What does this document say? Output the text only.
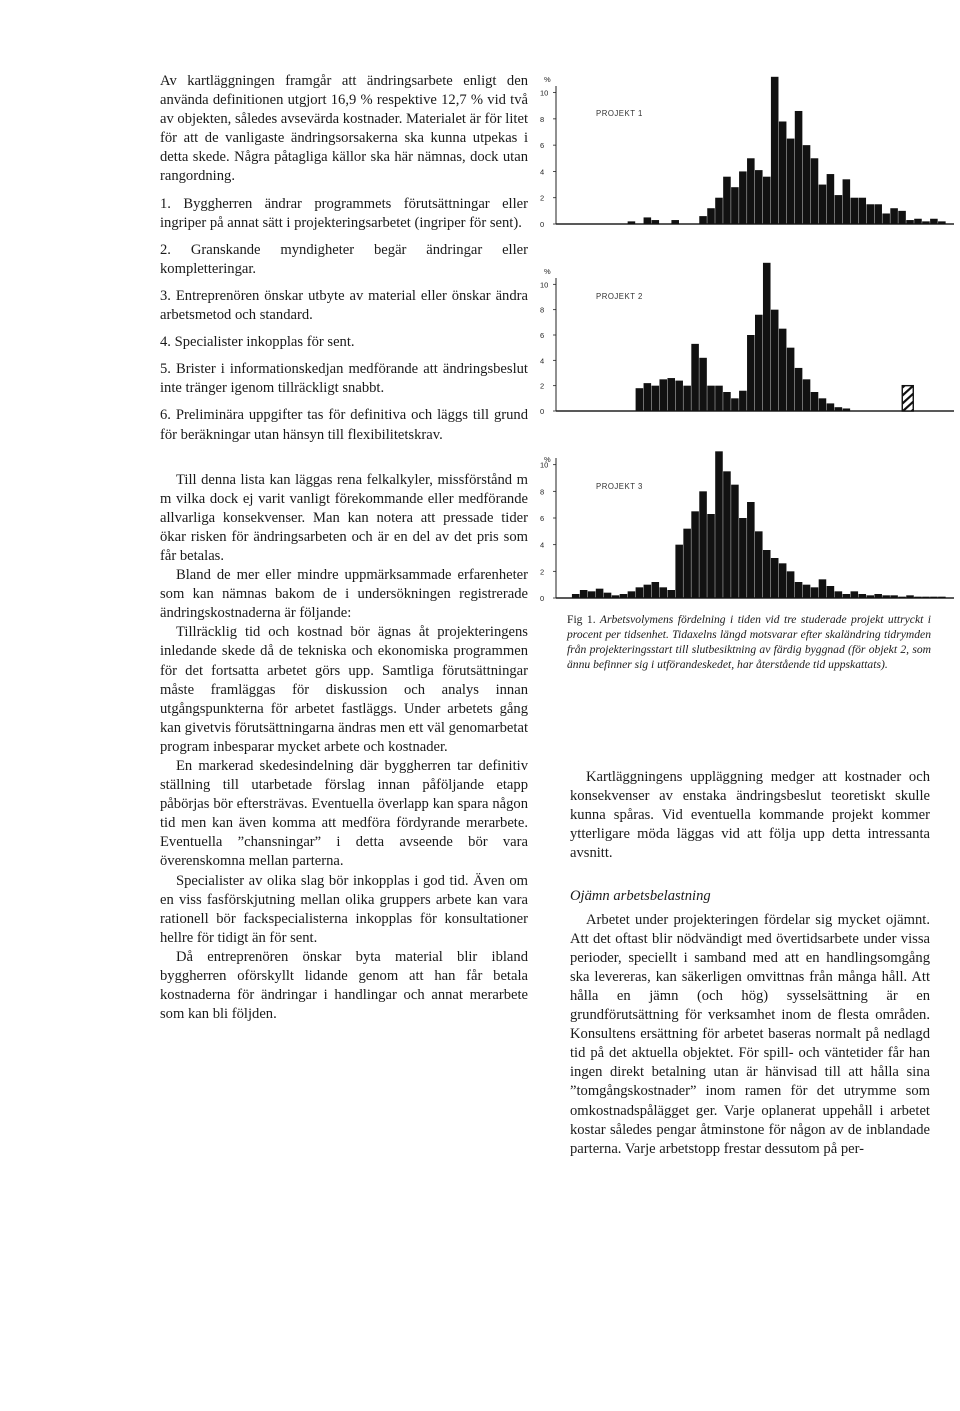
Av kartläggningen framgår att ändringsarbete enligt den använda definitionen utgjort 16,9 % respektive 12,7 % vid två av objekten, således avsevärda kostnader. Materialet är för litet för att de vanligaste ändringsorsakerna ska kunna utpekas i detta skede. Några påtagliga källor ska här nämnas, dock utan rangordning.

1. Byggherren ändrar programmets förutsättningar eller ingriper på annat sätt i projekteringsarbetet (ingriper för sent).

2. Granskande myndigheter begär ändringar eller kompletteringar.

3. Entreprenören önskar utbyte av material eller önskar ändra arbetsmetod och standard.

4. Specialister inkopplas för sent.

5. Brister i informationskedjan medförande att ändringsbeslut inte tränger igenom tillräckligt snabbt.

6. Preliminära uppgifter tas för definitiva och läggs till grund för beräkningar utan hänsyn till flexibilitetskrav.

Till denna lista kan läggas rena felkalkyler, missförstånd m m vilka dock ej varit vanligt förekommande eller medförande allvarliga konsekvenser. Man kan notera att pressade tider ökar risken för ändringsarbeten och är en del av det pris som får betalas.

Bland de mer eller mindre uppmärksammade erfarenheter som kan nämnas bakom de i undersökningen registrerade ändringskostnaderna är följande:

Tillräcklig tid och kostnad bör ägnas åt projekteringens inledande skede då de tekniska och ekonomiska programmen för det fortsatta arbetet görs upp. Samtliga förutsättningar måste framläggas för diskussion och analys innan utgångspunkterna för arbetet fastläggs. Under arbetets gång kan givetvis förutsättningarna ändras men ett väl genomarbetat program inbesparar mycket arbete och kostnader.

En markerad skedesindelning där byggherren tar definitiv ställning till utarbetade förslag innan påföljande etapp påbörjas bör eftersträvas. Eventuella överlapp kan spara någon tid men kan även komma att medföra fördyrande merarbete. Eventuella ”chansningar” i detta avseende bör vara överenskomna mellan parterna.

Specialister av olika slag bör inkopplas i god tid. Även om en viss fasförskjutning mellan olika gruppers arbete kan vara rationell bör fackspecialisterna inkopplas för konsultationer hellre för tidigt än för sent.

Då entreprenören önskar byta material blir ibland byggherren oförskyllt lidande genom att han får betala kostnaderna för ändringar i handlingar och annat merarbete som kan bli följden.

%
0
2
4
6
8
10
PROJEKT 1
%
0
2
4
6
8
10
PROJEKT 2
%
0
2
4
6
8
10
PROJEKT 3

Fig 1. Arbetsvolymens fördelning i tiden vid tre studerade projekt uttryckt i procent per tidsenhet. Tidaxelns längd motsvarar efter skaländring tidrymden från projekteringsstart till slutbesiktning av färdig byggnad (för objekt 2, som ännu befinner sig i utförandeskedet, har återstående tid uppskattats).

Kartläggningens uppläggning medger att kostnader och konsekvenser av enstaka ändringsbeslut teoretiskt skulle kunna spåras. Vid eventuella kommande projekt kommer ytterligare möda läggas vid att följa upp detta intressanta avsnitt.

Ojämn arbetsbelastning

Arbetet under projekteringen fördelar sig mycket ojämnt. Att det oftast blir nödvändigt med övertidsarbete under vissa perioder, speciellt i samband med att en handlingsomgång ska levereras, kan säkerligen omvittnas från många håll. Att hålla en jämn (och hög) sysselsättning är en grundförutsättning för verksamhet inom de flesta områden. Konsultens ersättning för arbetet baseras normalt på nedlagd tid på det aktuella objektet. För spill- och väntetider får han ingen direkt betalning utan är hänvisad till att hålla sina ”tomgångskostnader” inom ramen för det utrymme som omkostnadspålägget ger. Varje oplanerat uppehåll i arbetet kostar således pengar åtminstone för någon av de inblandade parterna. Varje arbetstopp frestar dessutom på per-
